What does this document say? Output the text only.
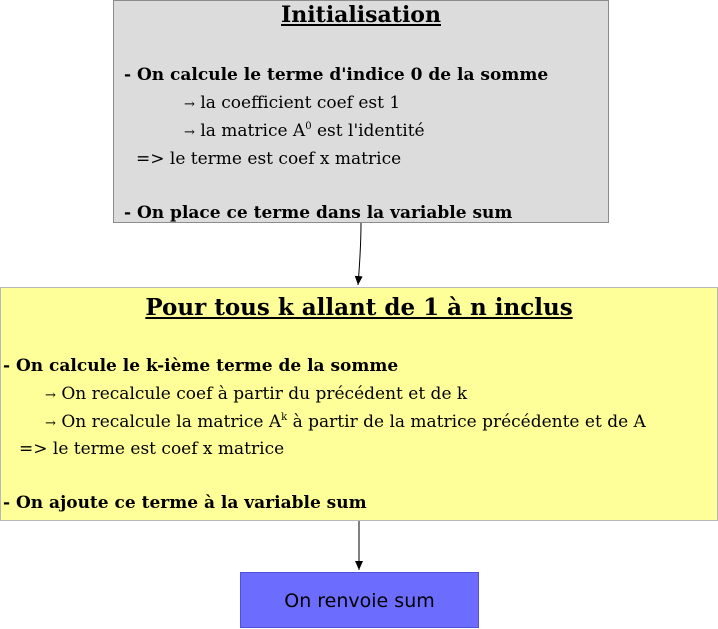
Initialisation
- On calcule le terme d'indice 0 de la somme
→ la coefficient coef est 1
→ la matrice $A^0$ est l'identité
=> le terme est coef x matrice
- On place ce terme dans la variable sum
Pour tous k allant de 1 à n inclus
- On calcule le k-ième terme de la somme
→ On recalcule coef à partir du précédent et de k
→ On recalcule la matrice $A^k$ à partir de la matrice précédente et de A
=> le terme est coef x matrice
- On ajoute ce terme à la variable sum
On renvoie sum
